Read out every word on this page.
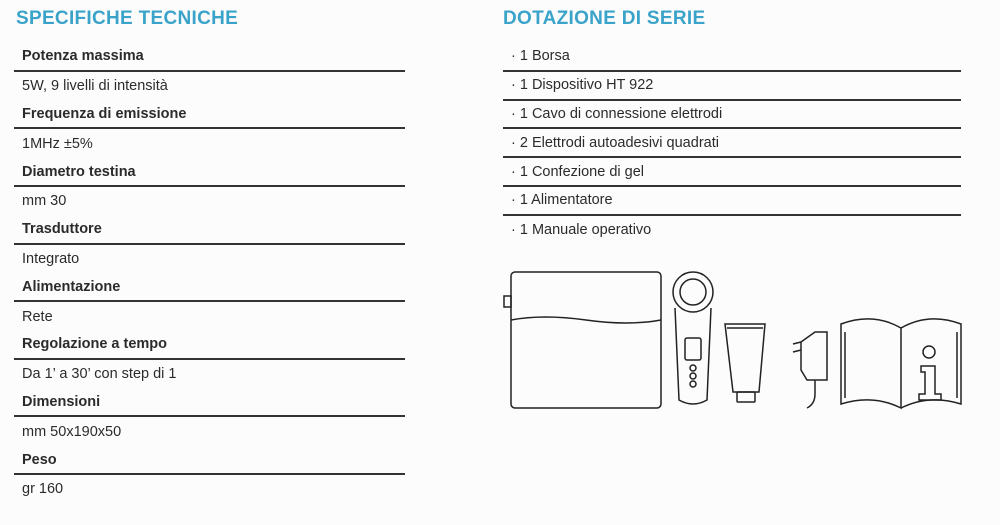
SPECIFICHE TECNICHE
Potenza massima
5W, 9 livelli di intensità
Frequenza di emissione
1MHz ±5%
Diametro testina
mm 30
Trasduttore
Integrato
Alimentazione
Rete
Regolazione a tempo
Da 1’ a 30’ con step di 1
Dimensioni
mm 50x190x50
Peso
gr 160
DOTAZIONE DI SERIE
· 1 Borsa
· 1 Dispositivo HT 922
· 1 Cavo di connessione elettrodi
· 2 Elettrodi autoadesivi quadrati
· 1 Confezione di gel
· 1 Alimentatore
· 1 Manuale operativo
